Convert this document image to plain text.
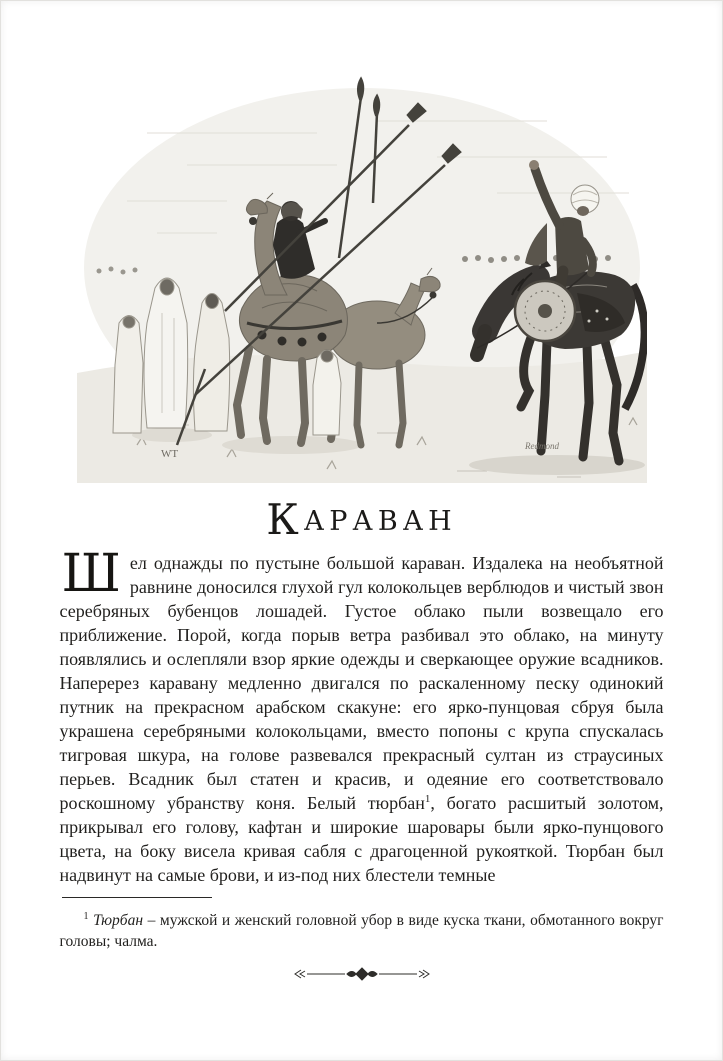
WT
Redmond
КАРАВАН

Шел однажды по пустыне большой караван. Издалека на необъятной равнине доносился глухой гул колокольцев верблюдов и чистый звон серебряных бубенцов лошадей. Густое облако пыли возвещало его приближение. Порой, когда порыв ветра разбивал это облако, на минуту появлялись и ослепляли взор яркие одежды и сверкающее оружие всадников. Наперерез каравану медленно двигался по раскаленному песку одинокий путник на прекрасном арабском скакуне: его ярко-пунцовая сбруя была украшена серебряными колокольцами, вместо попоны с крупа спускалась тигровая шкура, на голове развевался прекрасный султан из страусиных перьев. Всадник был статен и красив, и одеяние его соответствовало роскошному убранству коня. Белый тюрбан$^1$, богато расшитый золотом, прикрывал его голову, кафтан и широкие шаровары были ярко-пунцового цвета, на боку висела кривая сабля с драгоценной рукояткой. Тюрбан был надвинут на самые брови, и из-под них блестели темные

$^1$ Тюрбан – мужской и женский головной убор в виде куска ткани, обмотанного вокруг головы; чалма.
